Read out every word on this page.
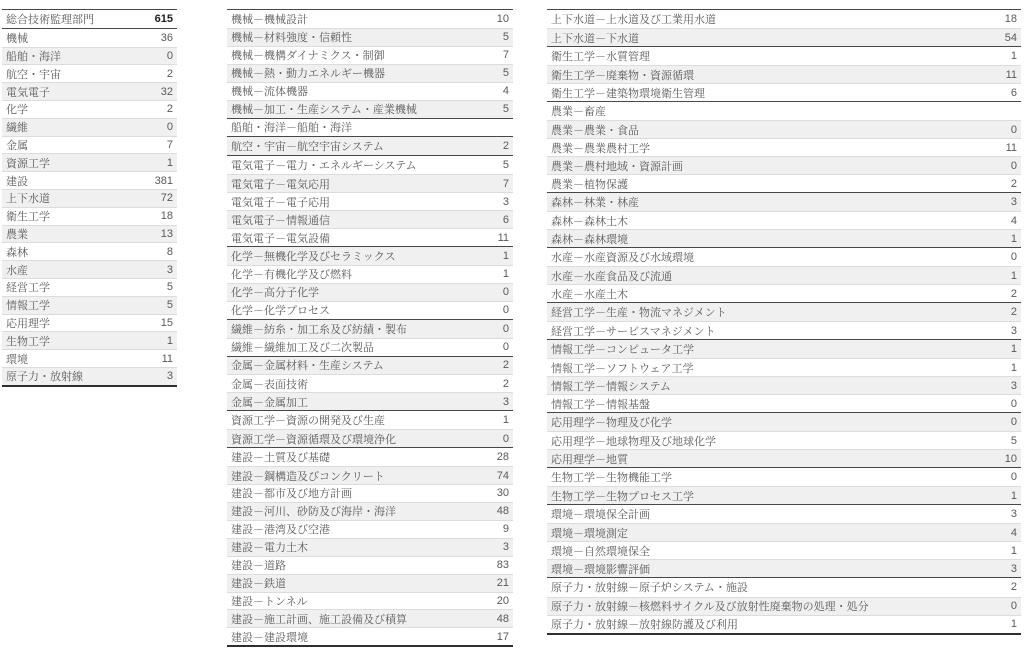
総合技術監理部門	615
機械	36
船舶・海洋	0
航空・宇宙	2
電気電子	32
化学	2
繊維	0
金属	7
資源工学	1
建設	381
上下水道	72
衛生工学	18
農業	13
森林	8
水産	3
経営工学	5
情報工学	5
応用理学	15
生物工学	1
環境	11
原子力・放射線	3
機械－機械設計	10
機械－材料強度・信頼性	5
機械－機構ダイナミクス・制御	7
機械－熱・動力エネルギー機器	5
機械－流体機器	4
機械－加工・生産システム・産業機械	5
船舶・海洋－船舶・海洋
航空・宇宙－航空宇宙システム	2
電気電子－電力・エネルギーシステム	5
電気電子－電気応用	7
電気電子－電子応用	3
電気電子－情報通信	6
電気電子－電気設備	11
化学－無機化学及びセラミックス	1
化学－有機化学及び燃料	1
化学－高分子化学	0
化学－化学プロセス	0
繊維－紡糸・加工糸及び紡績・製布	0
繊維－繊維加工及び二次製品	0
金属－金属材料・生産システム	2
金属－表面技術	2
金属－金属加工	3
資源工学－資源の開発及び生産	1
資源工学－資源循環及び環境浄化	0
建設－土質及び基礎	28
建設－鋼構造及びコンクリート	74
建設－都市及び地方計画	30
建設－河川、砂防及び海岸・海洋	48
建設－港湾及び空港	9
建設－電力土木	3
建設－道路	83
建設－鉄道	21
建設－トンネル	20
建設－施工計画、施工設備及び積算	48
建設－建設環境	17
上下水道－上水道及び工業用水道	18
上下水道－下水道	54
衛生工学－水質管理	1
衛生工学－廃棄物・資源循環	11
衛生工学－建築物環境衛生管理	6
農業－畜産
農業－農業・食品	0
農業－農業農村工学	11
農業－農村地域・資源計画	0
農業－植物保護	2
森林－林業・林産	3
森林－森林土木	4
森林－森林環境	1
水産－水産資源及び水域環境	0
水産－水産食品及び流通	1
水産－水産土木	2
経営工学－生産・物流マネジメント	2
経営工学－サービスマネジメント	3
情報工学－コンピュータ工学	1
情報工学－ソフトウェア工学	1
情報工学－情報システム	3
情報工学－情報基盤	0
応用理学－物理及び化学	0
応用理学－地球物理及び地球化学	5
応用理学－地質	10
生物工学－生物機能工学	0
生物工学－生物プロセス工学	1
環境－環境保全計画	3
環境－環境測定	4
環境－自然環境保全	1
環境－環境影響評価	3
原子力・放射線－原子炉システム・施設	2
原子力・放射線－核燃料サイクル及び放射性廃棄物の処理・処分	0
原子力・放射線－放射線防護及び利用	1
